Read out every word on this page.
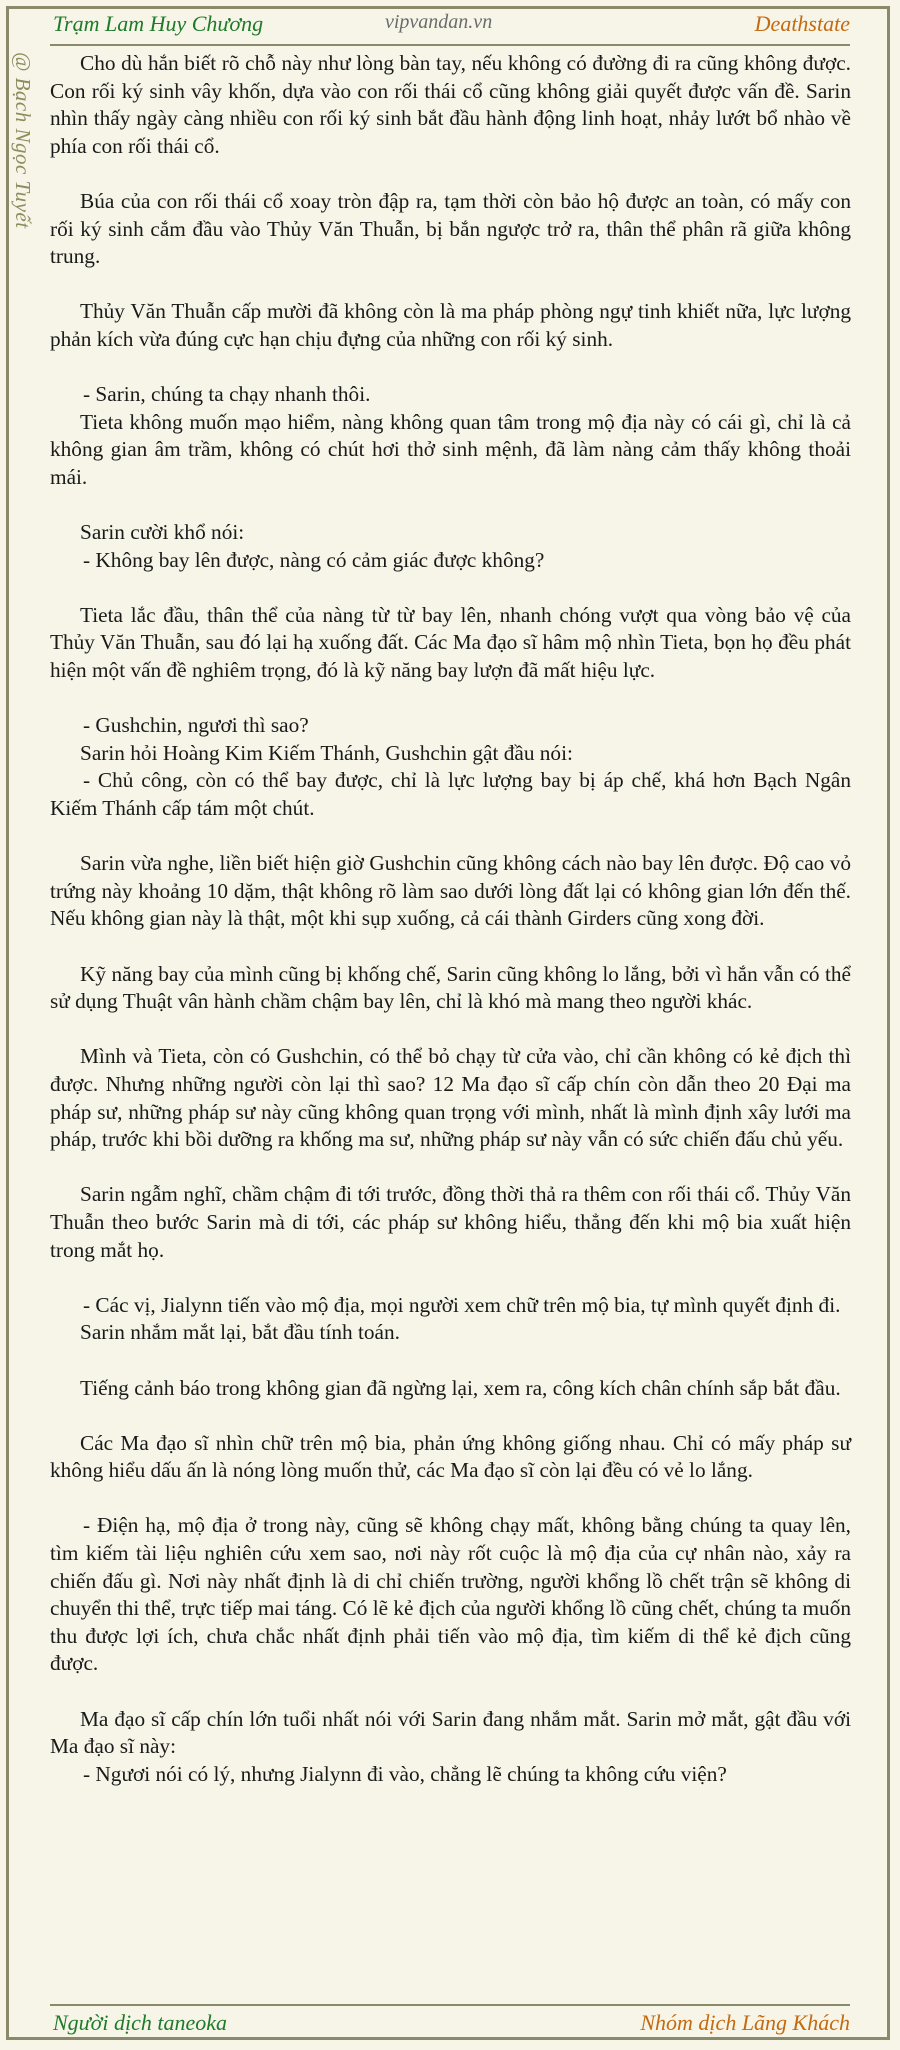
Trạm Lam Huy Chương	vipvandan.vn	Deathstate
@ Bạch Ngọc Tuyết	Cho dù hắn biết rõ chỗ này như lòng bàn tay, nếu không có đường đi ra cũng không được. Con rối ký sinh vây khốn, dựa vào con rối thái cổ cũng không giải quyết được vấn đề. Sarin nhìn thấy ngày càng nhiều con rối ký sinh bắt đầu hành động linh hoạt, nhảy lướt bổ nhào về phía con rối thái cổ.

Búa của con rối thái cổ xoay tròn đập ra, tạm thời còn bảo hộ được an toàn, có mấy con rối ký sinh cắm đầu vào Thủy Văn Thuẫn, bị bắn ngược trở ra, thân thể phân rã giữa không trung.

Thủy Văn Thuẫn cấp mười đã không còn là ma pháp phòng ngự tinh khiết nữa, lực lượng phản kích vừa đúng cực hạn chịu đựng của những con rối ký sinh.

- Sarin, chúng ta chạy nhanh thôi.

Tieta không muốn mạo hiểm, nàng không quan tâm trong mộ địa này có cái gì, chỉ là cả không gian âm trầm, không có chút hơi thở sinh mệnh, đã làm nàng cảm thấy không thoải mái.

Sarin cười khổ nói:

- Không bay lên được, nàng có cảm giác được không?

Tieta lắc đầu, thân thể của nàng từ từ bay lên, nhanh chóng vượt qua vòng bảo vệ của Thủy Văn Thuẫn, sau đó lại hạ xuống đất. Các Ma đạo sĩ hâm mộ nhìn Tieta, bọn họ đều phát hiện một vấn đề nghiêm trọng, đó là kỹ năng bay lượn đã mất hiệu lực.

- Gushchin, ngươi thì sao?

Sarin hỏi Hoàng Kim Kiếm Thánh, Gushchin gật đầu nói:

- Chủ công, còn có thể bay được, chỉ là lực lượng bay bị áp chế, khá hơn Bạch Ngân Kiếm Thánh cấp tám một chút.

Sarin vừa nghe, liền biết hiện giờ Gushchin cũng không cách nào bay lên được. Độ cao vỏ trứng này khoảng 10 dặm, thật không rõ làm sao dưới lòng đất lại có không gian lớn đến thế. Nếu không gian này là thật, một khi sụp xuống, cả cái thành Girders cũng xong đời.

Kỹ năng bay của mình cũng bị khống chế, Sarin cũng không lo lắng, bởi vì hắn vẫn có thể sử dụng Thuật vân hành chầm chậm bay lên, chỉ là khó mà mang theo người khác.

Mình và Tieta, còn có Gushchin, có thể bỏ chạy từ cửa vào, chỉ cần không có kẻ địch thì được. Nhưng những người còn lại thì sao? 12 Ma đạo sĩ cấp chín còn dẫn theo 20 Đại ma pháp sư, những pháp sư này cũng không quan trọng với mình, nhất là mình định xây lưới ma pháp, trước khi bồi dưỡng ra khống ma sư, những pháp sư này vẫn có sức chiến đấu chủ yếu.

Sarin ngẫm nghĩ, chầm chậm đi tới trước, đồng thời thả ra thêm con rối thái cổ. Thủy Văn Thuẫn theo bước Sarin mà di tới, các pháp sư không hiểu, thẳng đến khi mộ bia xuất hiện trong mắt họ.

- Các vị, Jialynn tiến vào mộ địa, mọi người xem chữ trên mộ bia, tự mình quyết định đi.

Sarin nhắm mắt lại, bắt đầu tính toán.

Tiếng cảnh báo trong không gian đã ngừng lại, xem ra, công kích chân chính sắp bắt đầu.

Các Ma đạo sĩ nhìn chữ trên mộ bia, phản ứng không giống nhau. Chỉ có mấy pháp sư không hiểu dấu ấn là nóng lòng muốn thử, các Ma đạo sĩ còn lại đều có vẻ lo lắng.

- Điện hạ, mộ địa ở trong này, cũng sẽ không chạy mất, không bằng chúng ta quay lên, tìm kiếm tài liệu nghiên cứu xem sao, nơi này rốt cuộc là mộ địa của cự nhân nào, xảy ra chiến đấu gì. Nơi này nhất định là di chỉ chiến trường, người khổng lồ chết trận sẽ không di chuyển thi thể, trực tiếp mai táng. Có lẽ kẻ địch của người khổng lồ cũng chết, chúng ta muốn thu được lợi ích, chưa chắc nhất định phải tiến vào mộ địa, tìm kiếm di thể kẻ địch cũng được.

Ma đạo sĩ cấp chín lớn tuổi nhất nói với Sarin đang nhắm mắt. Sarin mở mắt, gật đầu với Ma đạo sĩ này:

- Ngươi nói có lý, nhưng Jialynn đi vào, chẳng lẽ chúng ta không cứu viện?

Người dịch taneoka	Nhóm dịch Lãng Khách
